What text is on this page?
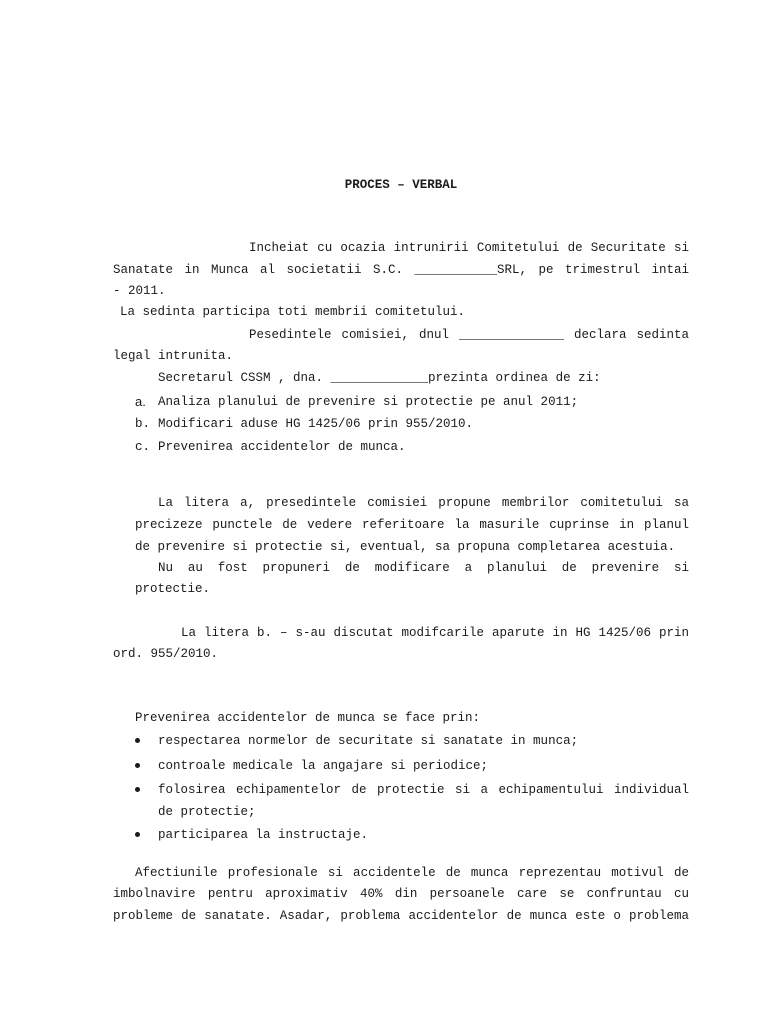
PROCES – VERBAL
Incheiat cu ocazia intrunirii Comitetului de Securitate si
Sanatate in Munca al societatii S.C. ___________SRL, pe trimestrul intai
- 2011.
La sedinta participa toti membrii comitetului.
Pesedintele comisiei, dnul ______________ declara sedinta
legal intrunita.
Secretarul CSSM , dna. _____________prezinta ordinea de zi:
a. Analiza planului de prevenire si protectie pe anul 2011;
b. Modificari aduse HG 1425/06 prin 955/2010.
c. Prevenirea accidentelor de munca.
La litera a, presedintele comisiei propune membrilor comitetului sa
precizeze punctele de vedere referitoare la masurile cuprinse in planul
de prevenire si protectie si, eventual, sa propuna completarea acestuia.
Nu au fost propuneri de modificare a planului de prevenire si
protectie.
La litera b. – s-au discutat modifcarile aparute in HG 1425/06 prin
ord. 955/2010.
Prevenirea accidentelor de munca se face prin:
respectarea normelor de securitate si sanatate in munca;
controale medicale la angajare si periodice;
folosirea echipamentelor de protectie si a echipamentului individual
de protectie;
participarea la instructaje.
Afectiunile profesionale si accidentele de munca reprezentau motivul de
imbolnavire pentru aproximativ 40% din persoanele care se confruntau cu
probleme de sanatate. Asadar, problema accidentelor de munca este o problema
